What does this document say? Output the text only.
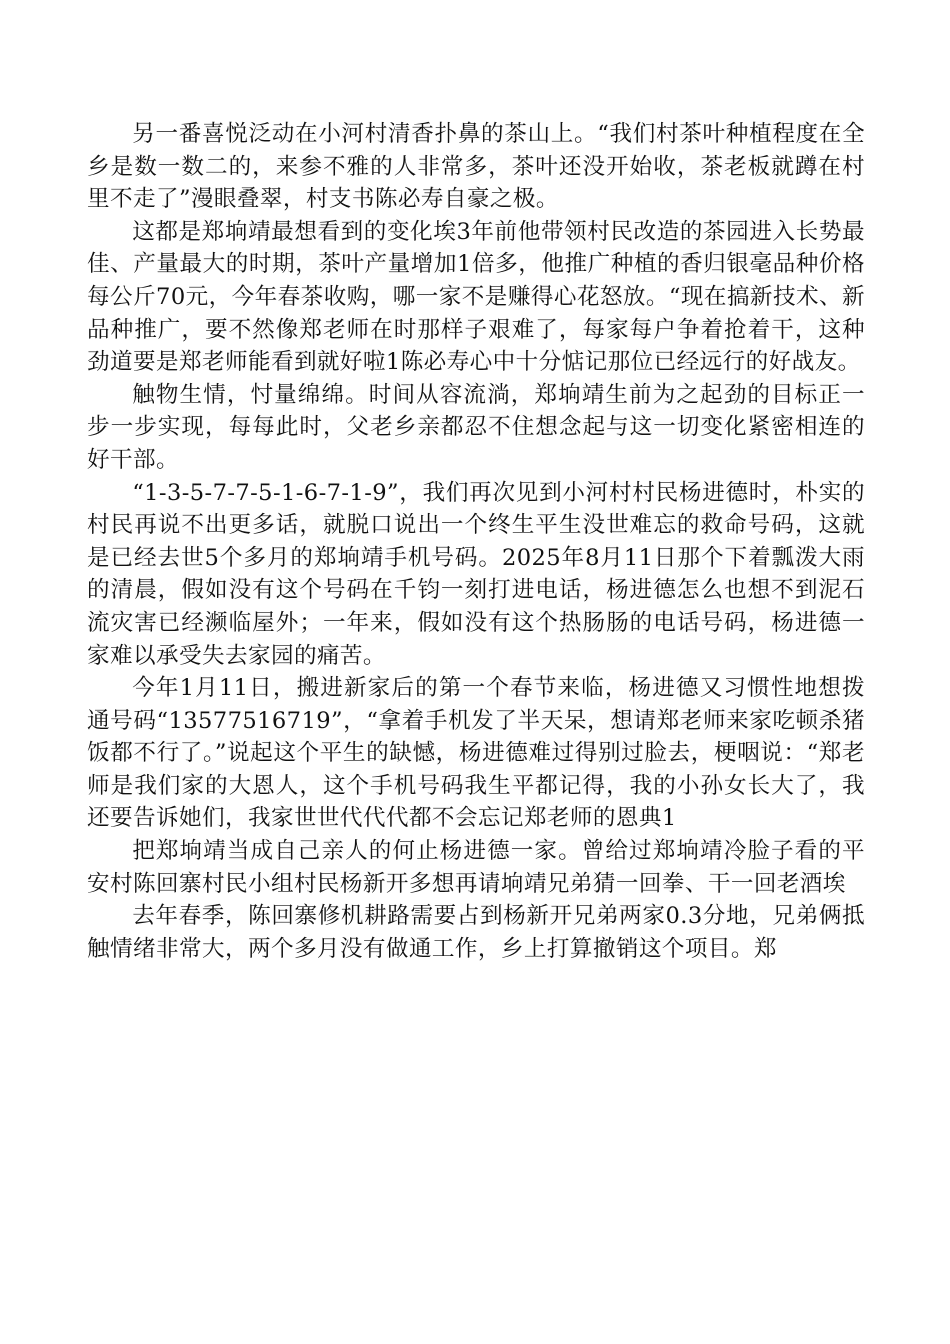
另一番喜悦泛动在小河村清香扑鼻的茶山上。“我们村茶叶种植程度在全乡是数一数二的，来参不雅的人非常多，茶叶还没开始收，茶老板就蹲在村里不走了”漫眼叠翠，村支书陈必寿自豪之极。

这都是郑垧靖最想看到的变化埃3年前他带领村民改造的茶园进入长势最佳、产量最大的时期，茶叶产量增加1倍多，他推广种植的香归银毫品种价格每公斤70元，今年春茶收购，哪一家不是赚得心花怒放。“现在搞新技术、新品种推广，要不然像郑老师在时那样子艰难了，每家每户争着抢着干，这种劲道要是郑老师能看到就好啦1陈必寿心中十分惦记那位已经远行的好战友。

触物生情，忖量绵绵。时间从容流淌，郑垧靖生前为之起劲的目标正一步一步实现，每每此时，父老乡亲都忍不住想念起与这一切变化紧密相连的好干部。

“1-3-5-7-7-5-1-6-7-1-9”，我们再次见到小河村村民杨进德时，朴实的村民再说不出更多话，就脱口说出一个终生平生没世难忘的救命号码，这就是已经去世5个多月的郑垧靖手机号码。2025年8月11日那个下着瓢泼大雨的清晨，假如没有这个号码在千钧一刻打进电话，杨进德怎么也想不到泥石流灾害已经濒临屋外；一年来，假如没有这个热肠肠的电话号码，杨进德一家难以承受失去家园的痛苦。

今年1月11日，搬进新家后的第一个春节来临，杨进德又习惯性地想拨通号码“13577516719”，“拿着手机发了半天呆，想请郑老师来家吃顿杀猪饭都不行了。”说起这个平生的缺憾，杨进德难过得别过脸去，梗咽说：“郑老师是我们家的大恩人，这个手机号码我生平都记得，我的小孙女长大了，我还要告诉她们，我家世世代代代都不会忘记郑老师的恩典1

把郑垧靖当成自己亲人的何止杨进德一家。曾给过郑垧靖冷脸子看的平安村陈回寨村民小组村民杨新开多想再请垧靖兄弟猜一回拳、干一回老酒埃

去年春季，陈回寨修机耕路需要占到杨新开兄弟两家0.3分地，兄弟俩抵触情绪非常大，两个多月没有做通工作，乡上打算撤销这个项目。郑
